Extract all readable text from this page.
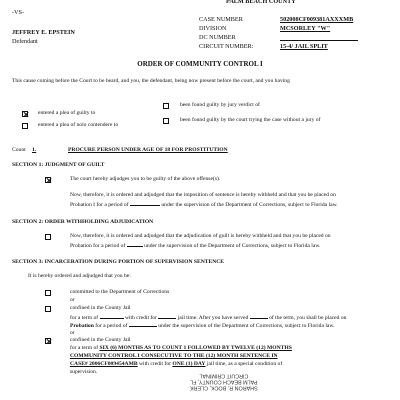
PALM BEACH COUNTY
-VS-
JEFFREY E. EPSTEIN
Defendant
CASE NUMBER	502008CF009381AXXXMB
DIVISION	MCSORLEY "W"
DC NUMBER
CIRCUIT NUMBER:	15-4/ JAIL SPLIT
ORDER OF COMMUNITY CONTROL I
This cause coming before the Court to be heard, and you, the defendant, being now present before the court, and you having
entered a plea of guilty to
been found guilty by jury verdict of
entered a plea of nolo contendere to
been found guilty by the court trying the case without a jury of
Count 1.	PROCURE PERSON UNDER AGE OF 18 FOR PROSTITUTION
SECTION 1: JUDGMENT OF GUILT
The court hereby adjudges you to be guilty of the above offense(s).
Now, therefore, it is ordered and adjudged that the imposition of sentence is hereby withheld and that you be placed on
Probation I for a period of	under the supervision of the Department of Corrections, subject to Florida law.
SECTION 2: ORDER WITHHOLDING ADJUDICATION
Now, therefore, it is ordered and adjudged that the adjudication of guilt is hereby withheld and that you be placed on
Probation for a period of	under the supervision of the Department of Corrections, subject to Florida law.
SECTION 3: INCARCERATION DURING PORTION OF SUPERVISION SENTENCE
It is hereby ordered and adjudged that you be:
committed to the Department of Corrections
or
confined in the County Jail
for a term of	with credit for	jail time. After you have served	of the term, you shall be placed on
Probation for a period of	under the supervision of the Department of Corrections, subject to Florida law.
or
confined in the County Jail
for a term of SIX (6) MONTHS AS TO COUNT 1 FOLLOWED BY TWELVE (12) MONTHS
COMMUNITY CONTROL I CONSECUTIVE TO THE (12) MONTH SENTENCE IN
CASE# 2006CF009454AMB with credit for ONE (1) DAY jail time, as a special condition of
supervision.
SHARON R. BOCK, CLERK
PALM BEACH COUNTY, FL
CIRCUIT CRIMINAL
